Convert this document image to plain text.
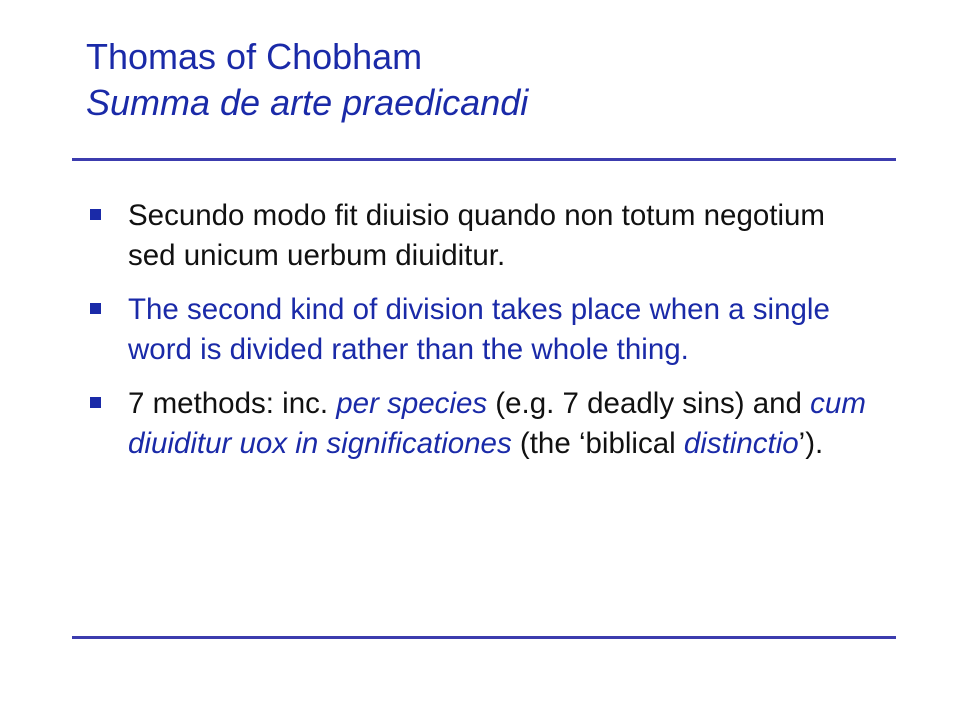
Thomas of Chobham
Summa de arte praedicandi
Secundo modo fit diuisio quando non totum negotium sed unicum uerbum diuiditur.
The second kind of division takes place when a single word is divided rather than the whole thing.
7 methods: inc. per species (e.g. 7 deadly sins) and cum diuiditur uox in significationes (the ‘biblical distinctio’).
